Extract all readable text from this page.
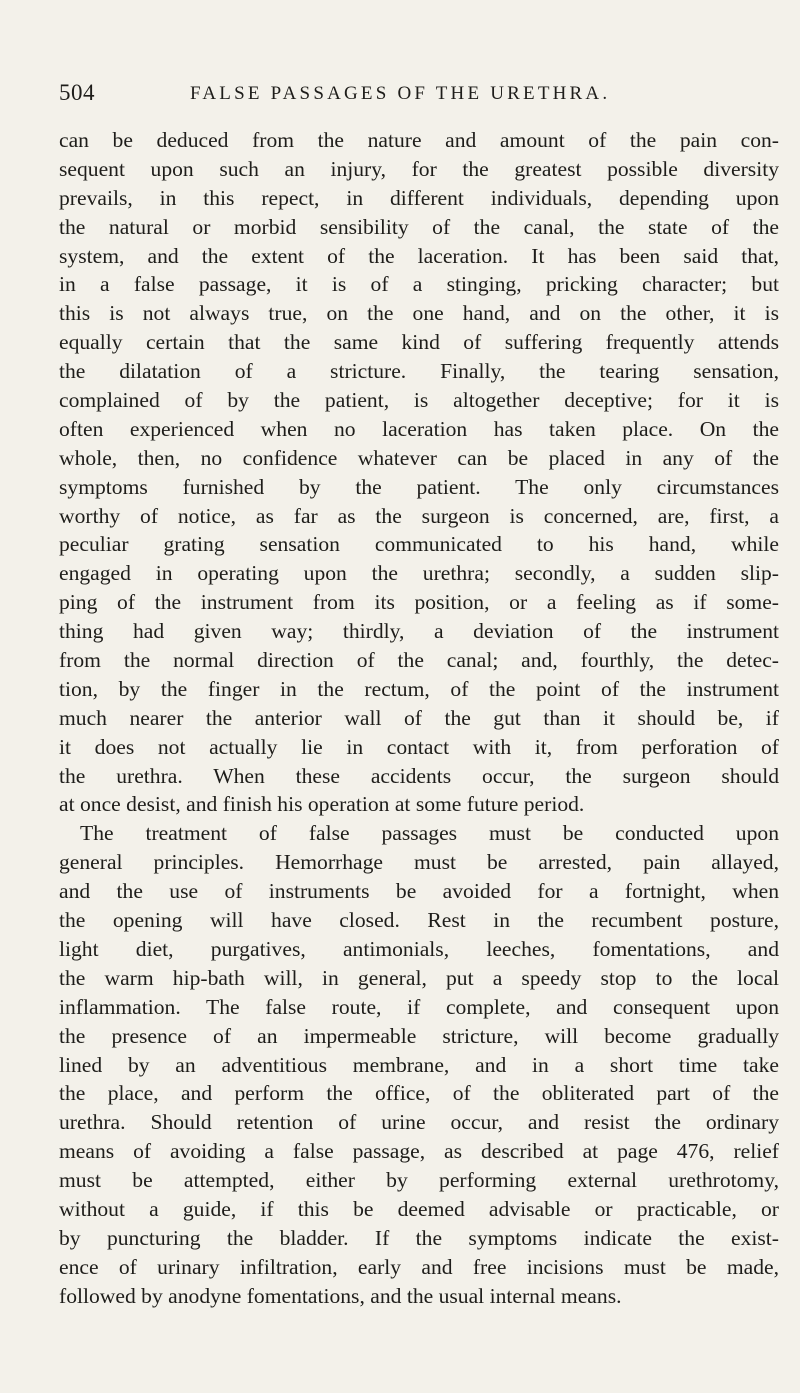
504	FALSE PASSAGES OF THE URETHRA.
can be deduced from the nature and amount of the pain con-
sequent upon such an injury, for the greatest possible diversity
prevails, in this repect, in different individuals, depending upon
the natural or morbid sensibility of the canal, the state of the
system, and the extent of the laceration. It has been said that,
in a false passage, it is of a stinging, pricking character; but
this is not always true, on the one hand, and on the other, it is
equally certain that the same kind of suffering frequently attends
the dilatation of a stricture. Finally, the tearing sensation,
complained of by the patient, is altogether deceptive; for it is
often experienced when no laceration has taken place. On the
whole, then, no confidence whatever can be placed in any of the
symptoms furnished by the patient. The only circumstances
worthy of notice, as far as the surgeon is concerned, are, first, a
peculiar grating sensation communicated to his hand, while
engaged in operating upon the urethra; secondly, a sudden slip-
ping of the instrument from its position, or a feeling as if some-
thing had given way; thirdly, a deviation of the instrument
from the normal direction of the canal; and, fourthly, the detec-
tion, by the finger in the rectum, of the point of the instrument
much nearer the anterior wall of the gut than it should be, if
it does not actually lie in contact with it, from perforation of
the urethra. When these accidents occur, the surgeon should
at once desist, and finish his operation at some future period.
The treatment of false passages must be conducted upon
general principles. Hemorrhage must be arrested, pain allayed,
and the use of instruments be avoided for a fortnight, when
the opening will have closed. Rest in the recumbent posture,
light diet, purgatives, antimonials, leeches, fomentations, and
the warm hip-bath will, in general, put a speedy stop to the local
inflammation. The false route, if complete, and consequent upon
the presence of an impermeable stricture, will become gradually
lined by an adventitious membrane, and in a short time take
the place, and perform the office, of the obliterated part of the
urethra. Should retention of urine occur, and resist the ordinary
means of avoiding a false passage, as described at page 476, relief
must be attempted, either by performing external urethrotomy,
without a guide, if this be deemed advisable or practicable, or
by puncturing the bladder. If the symptoms indicate the exist-
ence of urinary infiltration, early and free incisions must be made,
followed by anodyne fomentations, and the usual internal means.
